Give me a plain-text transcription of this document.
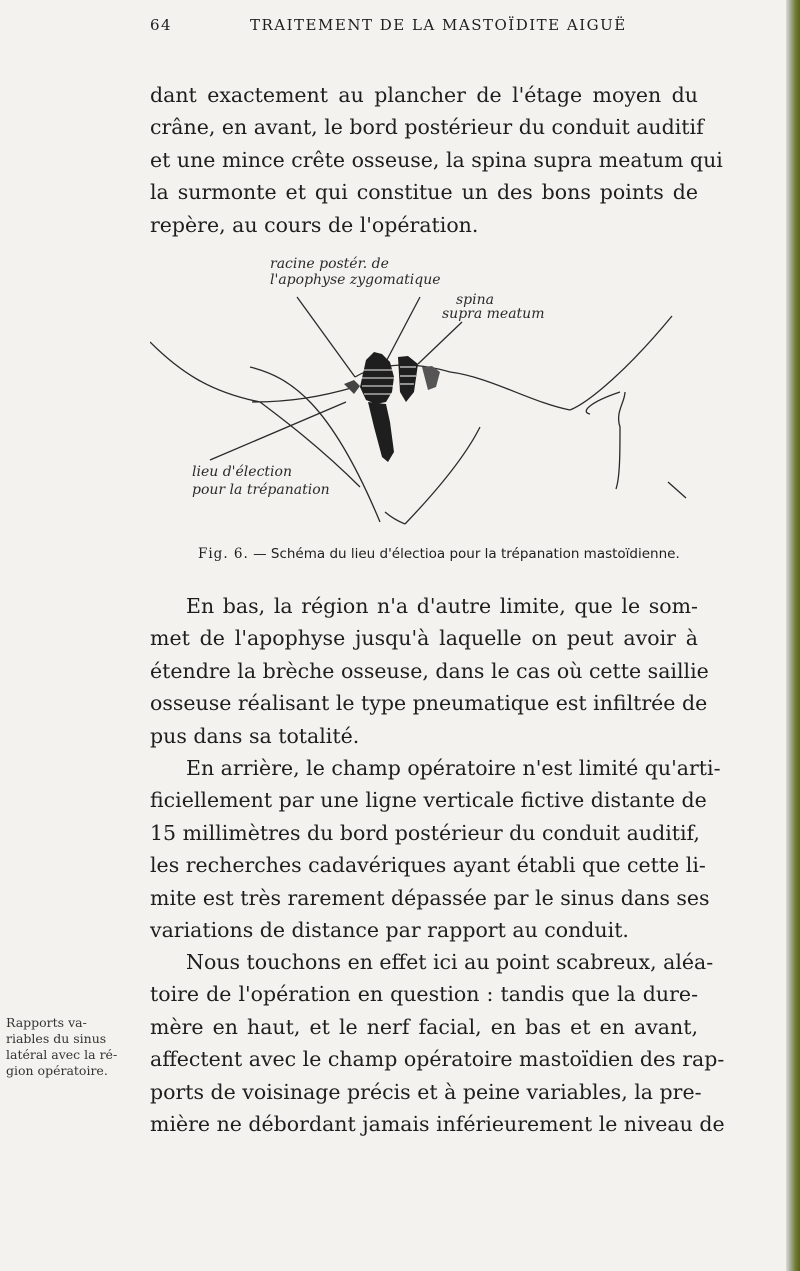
64	TRAITEMENT DE LA MASTOÏDITE AIGUË
dant exactement au plancher de l'étage moyen du
crâne, en avant, le bord postérieur du conduit auditif
et une mince crête osseuse, la spina supra meatum qui
la surmonte et qui constitue un des bons points de
repère, au cours de l'opération.
racine postér. de
l'apophyse zygomatique
spina
supra meatum
lieu d'élection
pour la trépanation
Fig. 6. — Schéma du lieu d'électioa pour la trépanation mastoïdienne.
En bas, la région n'a d'autre limite, que le som-
met de l'apophyse jusqu'à laquelle on peut avoir à
étendre la brèche osseuse, dans le cas où cette saillie
osseuse réalisant le type pneumatique est infiltrée de
pus dans sa totalité.
En arrière, le champ opératoire n'est limité qu'arti-
ficiellement par une ligne verticale fictive distante de
15 millimètres du bord postérieur du conduit auditif,
les recherches cadavériques ayant établi que cette li-
mite est très rarement dépassée par le sinus dans ses
variations de distance par rapport au conduit.
Nous touchons en effet ici au point scabreux, aléa-
toire de l'opération en question : tandis que la dure-
mère en haut, et le nerf facial, en bas et en avant,
affectent avec le champ opératoire mastoïdien des rap-
ports de voisinage précis et à peine variables, la pre-
mière ne débordant jamais inférieurement le niveau de
Rapports va-
riables du sinus
latéral avec la ré-
gion opératoire.
